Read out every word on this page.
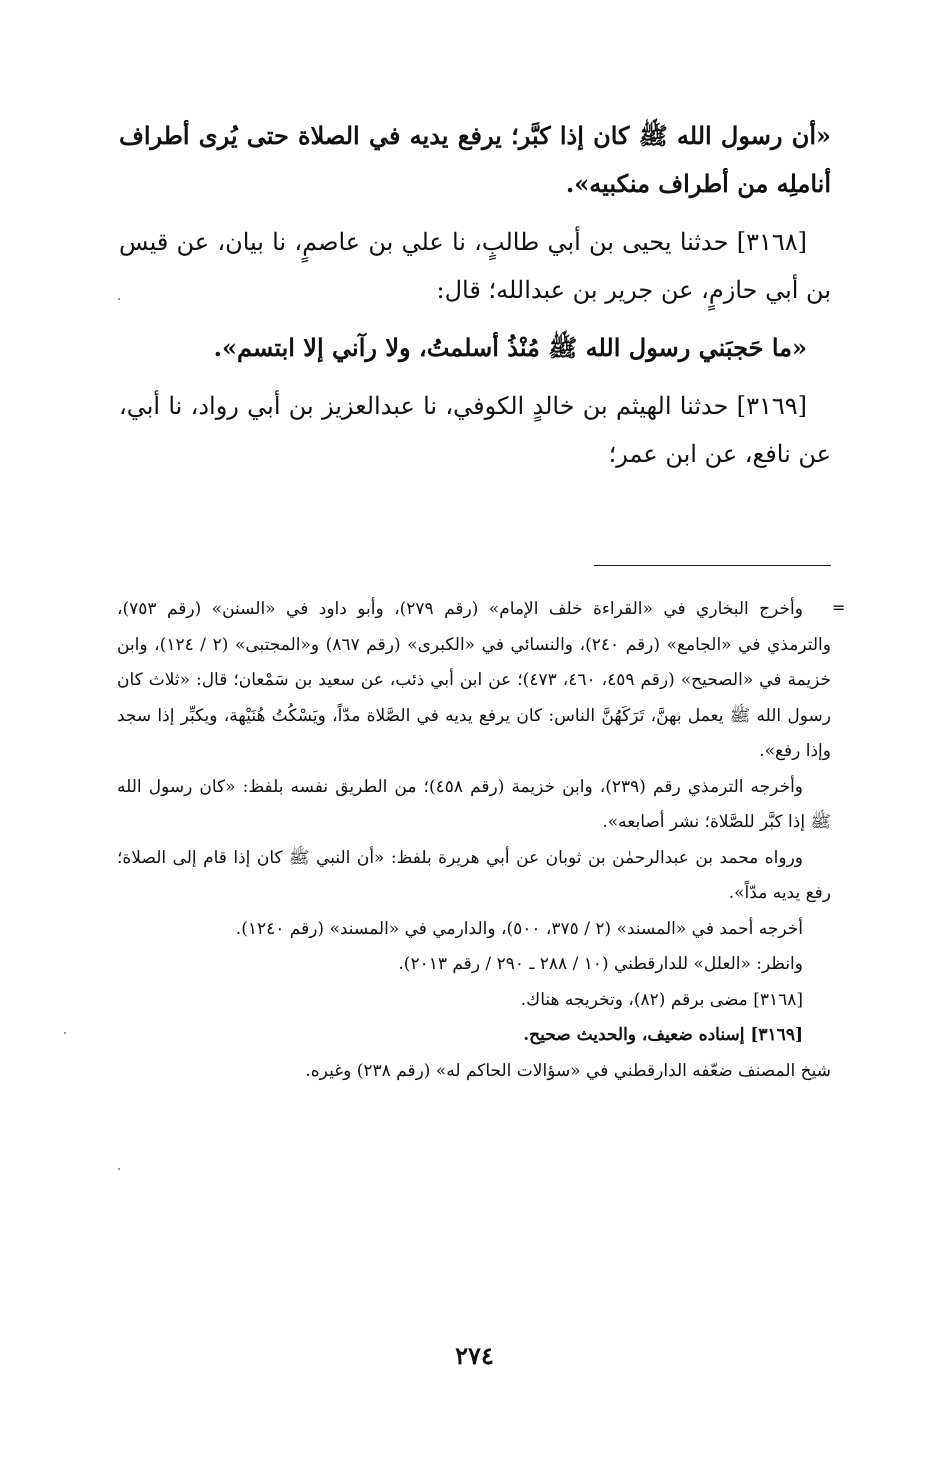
«أن رسول الله ﷺ كان إذا كبَّر؛ يرفع يديه في الصلاة حتى يُرى أطراف أناملِه من أطراف منكبيه».

[٣١٦٨] حدثنا يحيى بن أبي طالبٍ، نا علي بن عاصمٍ، نا بيان، عن قيس بن أبي حازمٍ، عن جرير بن عبدالله؛ قال:

«ما حَجبَني رسول الله ﷺ مُنْذُ أسلمتُ، ولا رآني إلا ابتسم».

[٣١٦٩] حدثنا الهيثم بن خالدٍ الكوفي، نا عبدالعزيز بن أبي رواد، نا أبي، عن نافع، عن ابن عمر؛

=

وأخرج البخاري في «القراءة خلف الإمام» (رقم ٢٧٩)، وأبو داود في «السنن» (رقم ٧٥٣)، والترمذي في «الجامع» (رقم ٢٤٠)، والنسائي في «الكبرى» (رقم ٨٦٧) و«المجتبى» (٢ / ١٢٤)، وابن خزيمة في «الصحيح» (رقم ٤٥٩، ٤٦٠، ٤٧٣)؛ عن ابن أبي ذئب، عن سعيد بن سَمْعان؛ قال: «ثلاث كان رسول الله ﷺ يعمل بهنَّ، تَرَكَهُنَّ الناس: كان يرفع يديه في الصَّلاة مدّاً، ويَسْكُتُ هُنَيْهة، ويكبِّر إذا سجد وإذا رفع».

وأخرجه الترمذي رقم (٢٣٩)، وابن خزيمة (رقم ٤٥٨)؛ من الطريق نفسه بلفظ: «كان رسول الله ﷺ إذا كبَّر للصَّلاة؛ نشر أصابعه».

ورواه محمد بن عبدالرحمٰن بن ثوبان عن أبي هريرة بلفظ: «أن النبي ﷺ كان إذا قام إلى الصلاة؛ رفع يديه مدّاً».

أخرجه أحمد في «المسند» (٢ / ٣٧٥، ٥٠٠)، والدارمي في «المسند» (رقم ١٢٤٠).

وانظر: «العلل» للدارقطني (١٠ / ٢٨٨ ـ ٢٩٠ / رقم ٢٠١٣).

[٣١٦٨] مضى برقم (٨٢)، وتخريجه هناك.

[٣١٦٩] إسناده ضعيف، والحديث صحيح.

شيخ المصنف ضعّفه الدارقطني في «سؤالات الحاكم له» (رقم ٢٣٨) وغيره.

٢٧٤
